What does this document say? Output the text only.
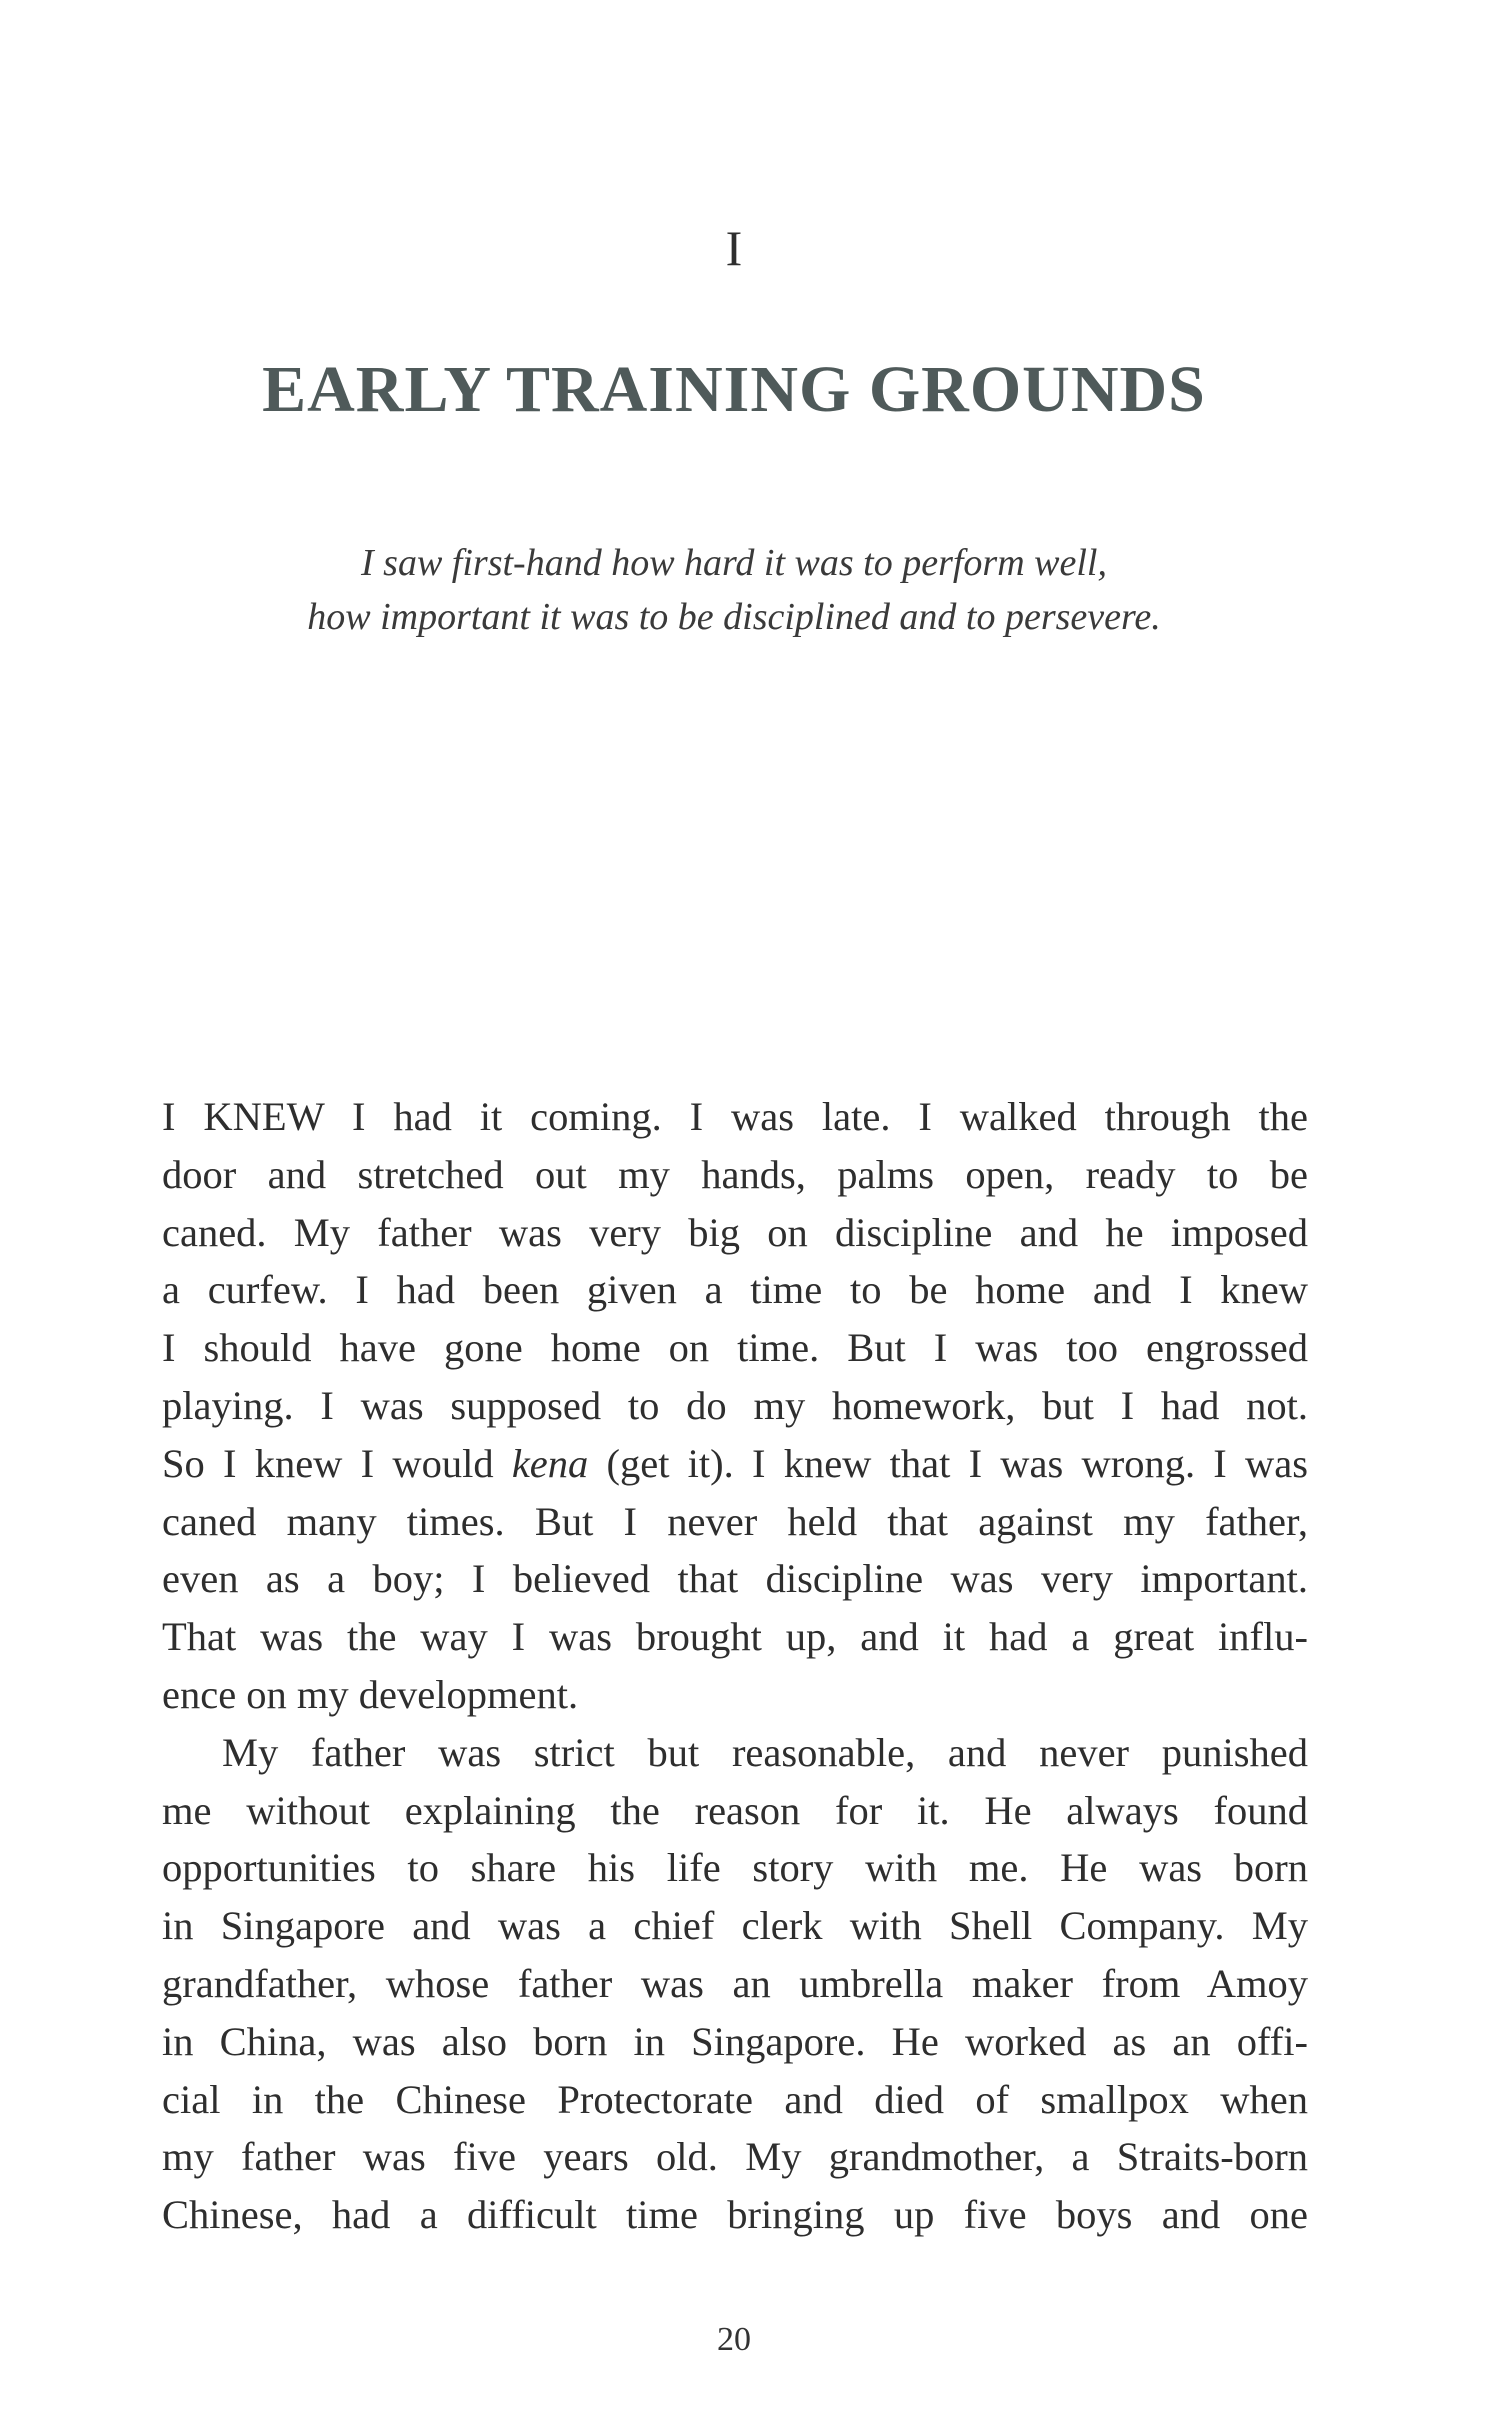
I
EARLY TRAINING GROUNDS
I saw first-hand how hard it was to perform well,
how important it was to be disciplined and to persevere.
I KNEW I had it coming. I was late. I walked through the
door and stretched out my hands, palms open, ready to be
caned. My father was very big on discipline and he imposed
a curfew. I had been given a time to be home and I knew
I should have gone home on time. But I was too engrossed
playing. I was supposed to do my homework, but I had not.
So I knew I would kena (get it). I knew that I was wrong. I was
caned many times. But I never held that against my father,
even as a boy; I believed that discipline was very important.
That was the way I was brought up, and it had a great influ-
ence on my development.
My father was strict but reasonable, and never punished
me without explaining the reason for it. He always found
opportunities to share his life story with me. He was born
in Singapore and was a chief clerk with Shell Company. My
grandfather, whose father was an umbrella maker from Amoy
in China, was also born in Singapore. He worked as an offi-
cial in the Chinese Protectorate and died of smallpox when
my father was five years old. My grandmother, a Straits-born
Chinese, had a difficult time bringing up five boys and one
20
